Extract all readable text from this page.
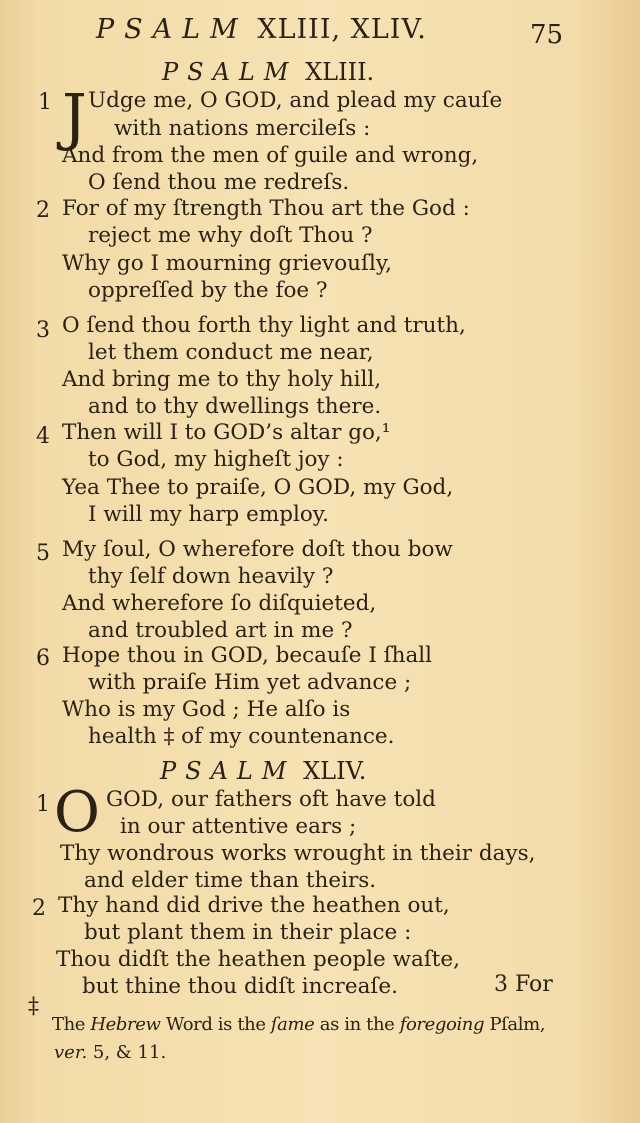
PSALM XLIII, XLIV.	75
PSALM XLIII.
1 J Udge me, O GOD, and plead my cauſe
with nations mercileſs :
And from the men of guile and wrong,
O ſend thou me redreſs.
2 For of my ſtrength Thou art the God :
reject me why doſt Thou ?
Why go I mourning grievouſly,
oppreſſed by the foe ?
3 O ſend thou forth thy light and truth,
let them conduct me near,
And bring me to thy holy hill,
and to thy dwellings there.
4 Then will I to GOD’s altar go,¹
to God, my higheſt joy :
Yea Thee to praiſe, O GOD, my God,
I will my harp employ.
5 My ſoul, O wherefore doſt thou bow
thy ſelf down heavily ?
And wherefore ſo diſquieted,
and troubled art in me ?
6 Hope thou in GOD, becauſe I ſhall
with praiſe Him yet advance ;
Who is my God ; He alſo is
health ‡ of my countenance.
PSALM XLIV.
1 O GOD, our fathers oft have told
in our attentive ears ;
Thy wondrous works wrought in their days,
and elder time than theirs.
2 Thy hand did drive the heathen out,
but plant them in their place :
Thou didſt the heathen people waſte,
but thine thou didſt increaſe.	3 For
‡
The Hebrew Word is the ſame as in the foregoing Pſalm,
ver. 5, & 11.
